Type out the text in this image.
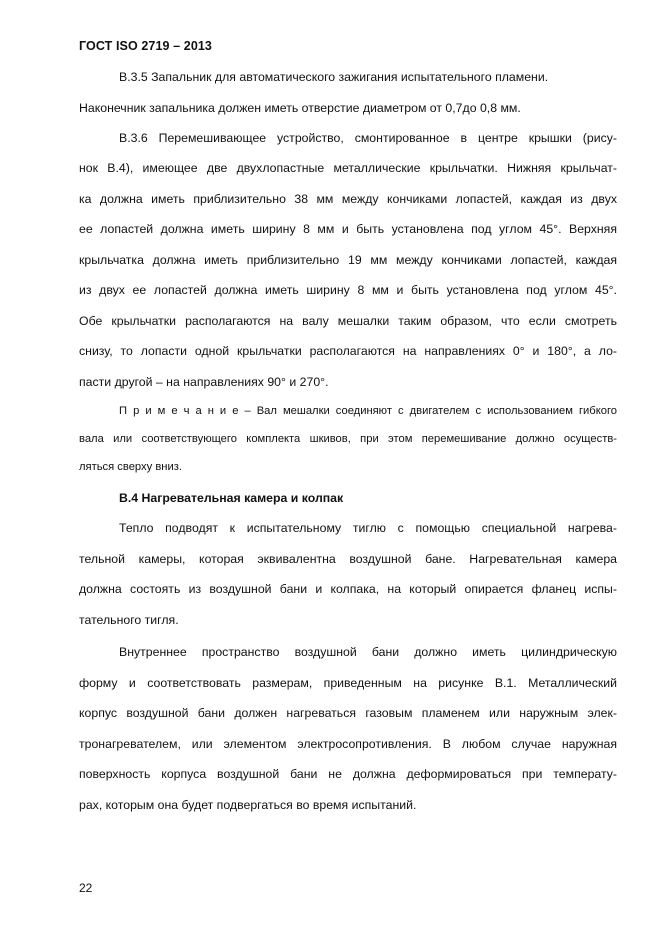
ГОСТ ISO 2719 – 2013
В.3.5 Запальник для автоматического зажигания испытательного пламени.
Наконечник запальника должен иметь отверстие диаметром от 0,7до 0,8 мм.
В.3.6 Перемешивающее устройство, смонтированное в центре крышки (рису-
нок В.4), имеющее две двухлопастные металлические крыльчатки. Нижняя крыльчат-
ка должна иметь приблизительно 38 мм между кончиками лопастей, каждая из двух
ее лопастей должна иметь ширину 8 мм и быть установлена под углом 45°. Верхняя
крыльчатка должна иметь приблизительно 19 мм между кончиками лопастей, каждая
из двух ее лопастей должна иметь ширину 8 мм и быть установлена под углом 45°.
Обе крыльчатки располагаются на валу мешалки таким образом, что если смотреть
снизу, то лопасти одной крыльчатки располагаются на направлениях 0° и 180°, а ло-
пасти другой – на направлениях 90° и 270°.
П р и м е ч а н и е – Вал мешалки соединяют с двигателем с использованием гибкого
вала или соответствующего комплекта шкивов, при этом перемешивание должно осуществ-
ляться сверху вниз.
В.4 Нагревательная камера и колпак
Тепло подводят к испытательному тиглю с помощью специальной нагрева-
тельной камеры, которая эквивалентна воздушной бане. Нагревательная камера
должна состоять из воздушной бани и колпака, на который опирается фланец испы-
тательного тигля.
Внутреннее пространство воздушной бани должно иметь цилиндрическую
форму и соответствовать размерам, приведенным на рисунке В.1. Металлический
корпус воздушной бани должен нагреваться газовым пламенем или наружным элек-
тронагревателем, или элементом электросопротивления. В любом случае наружная
поверхность корпуса воздушной бани не должна деформироваться при температу-
рах, которым она будет подвергаться во время испытаний.
22
